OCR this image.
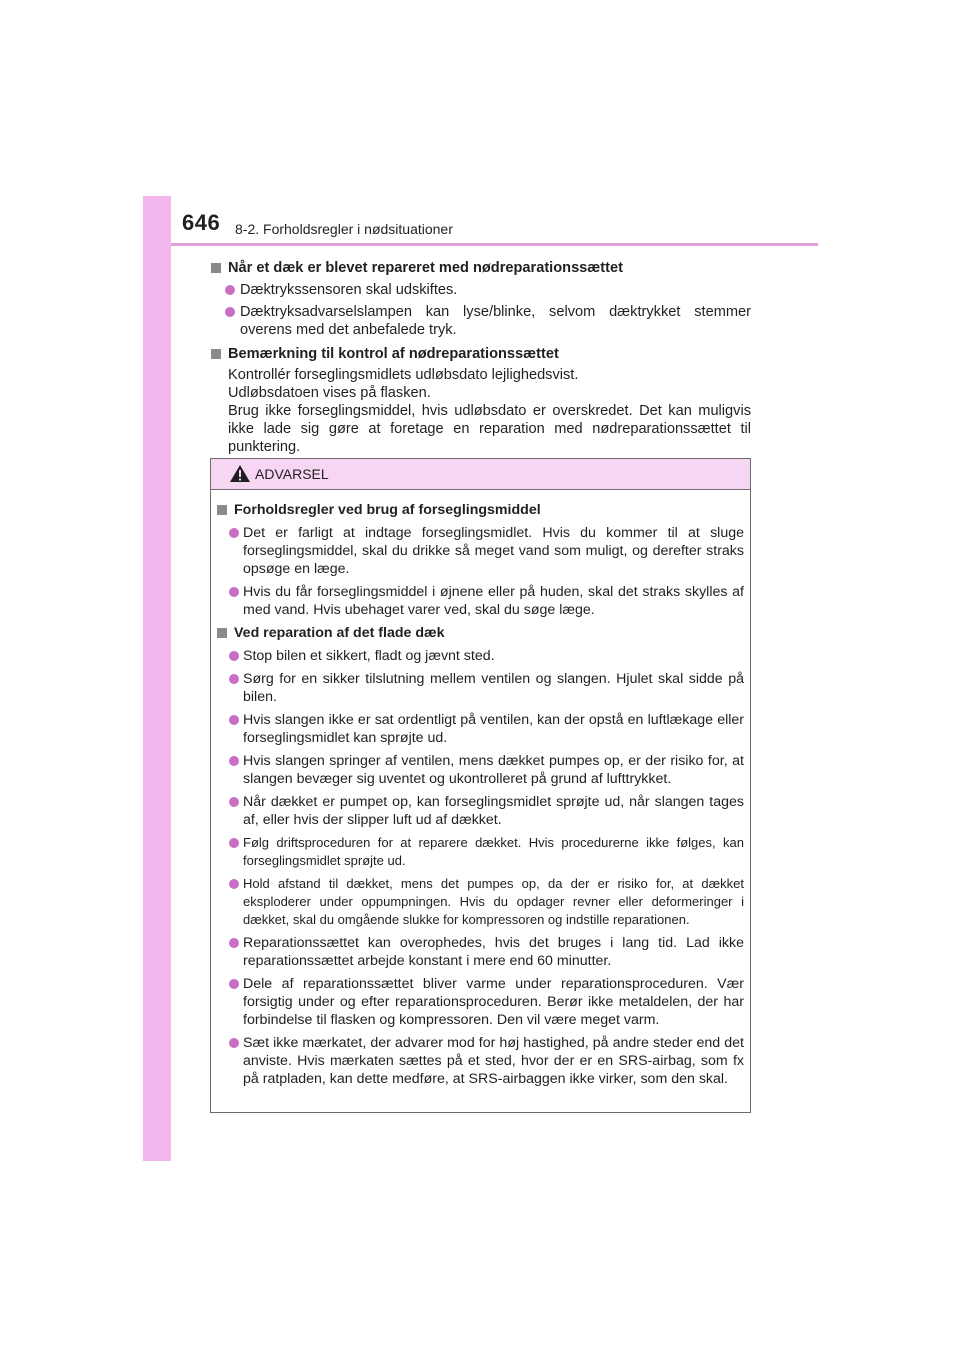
646 8-2. Forholdsregler i nødsituationer
Når et dæk er blevet repareret med nødreparationssættet
Dæktrykssensoren skal udskiftes.
Dæktryksadvarselslampen kan lyse/blinke, selvom dæktrykket stemmer overens med det anbefalede tryk.
Bemærkning til kontrol af nødreparationssættet

Kontrollér forseglingsmidlets udløbsdato lejlighedsvist.

Udløbsdatoen vises på flasken.

Brug ikke forseglingsmiddel, hvis udløbsdato er overskredet. Det kan muligvis ikke lade sig gøre at foretage en reparation med nødreparationssættet til punktering.

ADVARSEL
Forholdsregler ved brug af forseglingsmiddel
Det er farligt at indtage forseglingsmidlet. Hvis du kommer til at sluge forseglingsmiddel, skal du drikke så meget vand som muligt, og derefter straks opsøge en læge.
Hvis du får forseglingsmiddel i øjnene eller på huden, skal det straks skylles af med vand. Hvis ubehaget varer ved, skal du søge læge.
Ved reparation af det flade dæk
Stop bilen et sikkert, fladt og jævnt sted.
Sørg for en sikker tilslutning mellem ventilen og slangen. Hjulet skal sidde på bilen.
Hvis slangen ikke er sat ordentligt på ventilen, kan der opstå en luftlækage eller forseglingsmidlet kan sprøjte ud.
Hvis slangen springer af ventilen, mens dækket pumpes op, er der risiko for, at slangen bevæger sig uventet og ukontrolleret på grund af lufttrykket.
Når dækket er pumpet op, kan forseglingsmidlet sprøjte ud, når slangen tages af, eller hvis der slipper luft ud af dækket.
Følg driftsproceduren for at reparere dækket. Hvis procedurerne ikke følges, kan forseglingsmidlet sprøjte ud.
Hold afstand til dækket, mens det pumpes op, da der er risiko for, at dækket eksploderer under oppumpningen. Hvis du opdager revner eller deformeringer i dækket, skal du omgående slukke for kompressoren og indstille reparationen.
Reparationssættet kan overophedes, hvis det bruges i lang tid. Lad ikke reparationssættet arbejde konstant i mere end 60 minutter.
Dele af reparationssættet bliver varme under reparationsproceduren. Vær forsigtig under og efter reparationsproceduren. Berør ikke metaldelen, der har forbindelse til flasken og kompressoren. Den vil være meget varm.
Sæt ikke mærkatet, der advarer mod for høj hastighed, på andre steder end det anviste. Hvis mærkaten sættes på et sted, hvor der er en SRS-airbag, som fx på ratpladen, kan dette medføre, at SRS-airbaggen ikke virker, som den skal.
